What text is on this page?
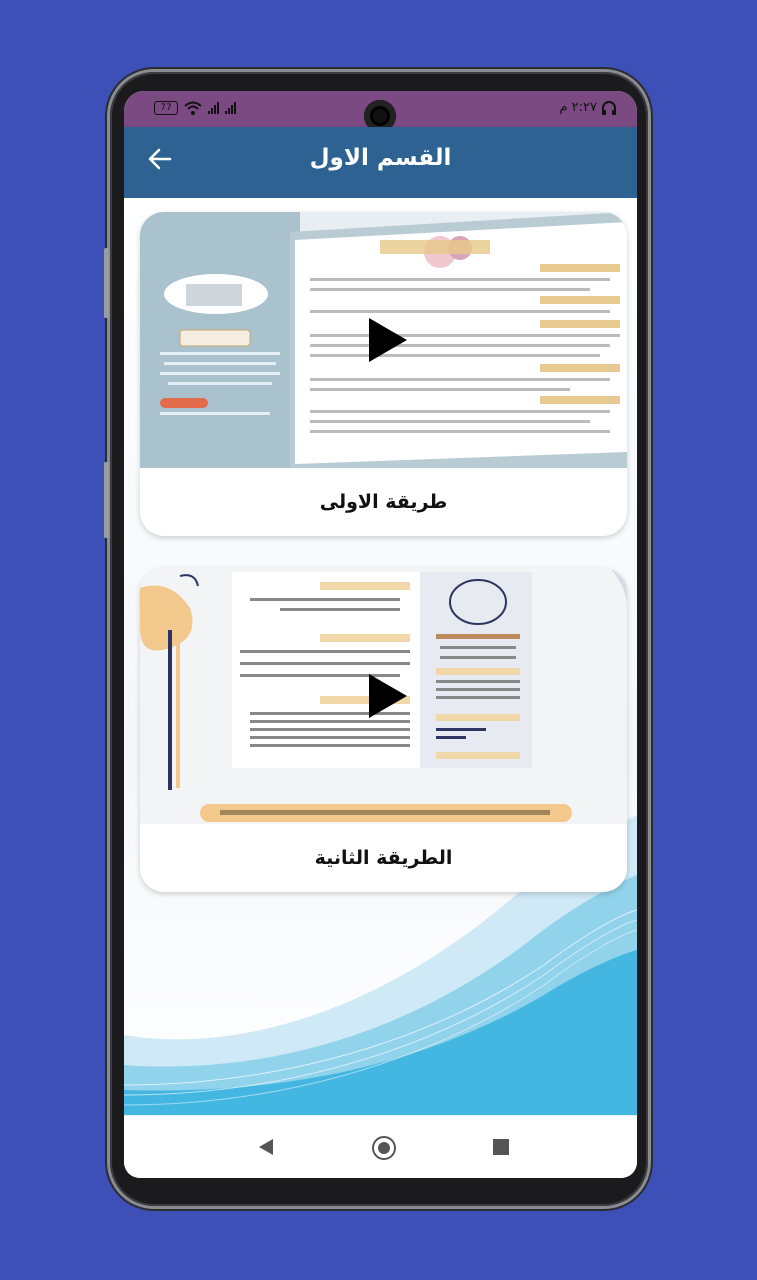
77	٢:٢٧ م
القسم الاول
طريقة الاولى
الطريقة الثانية
